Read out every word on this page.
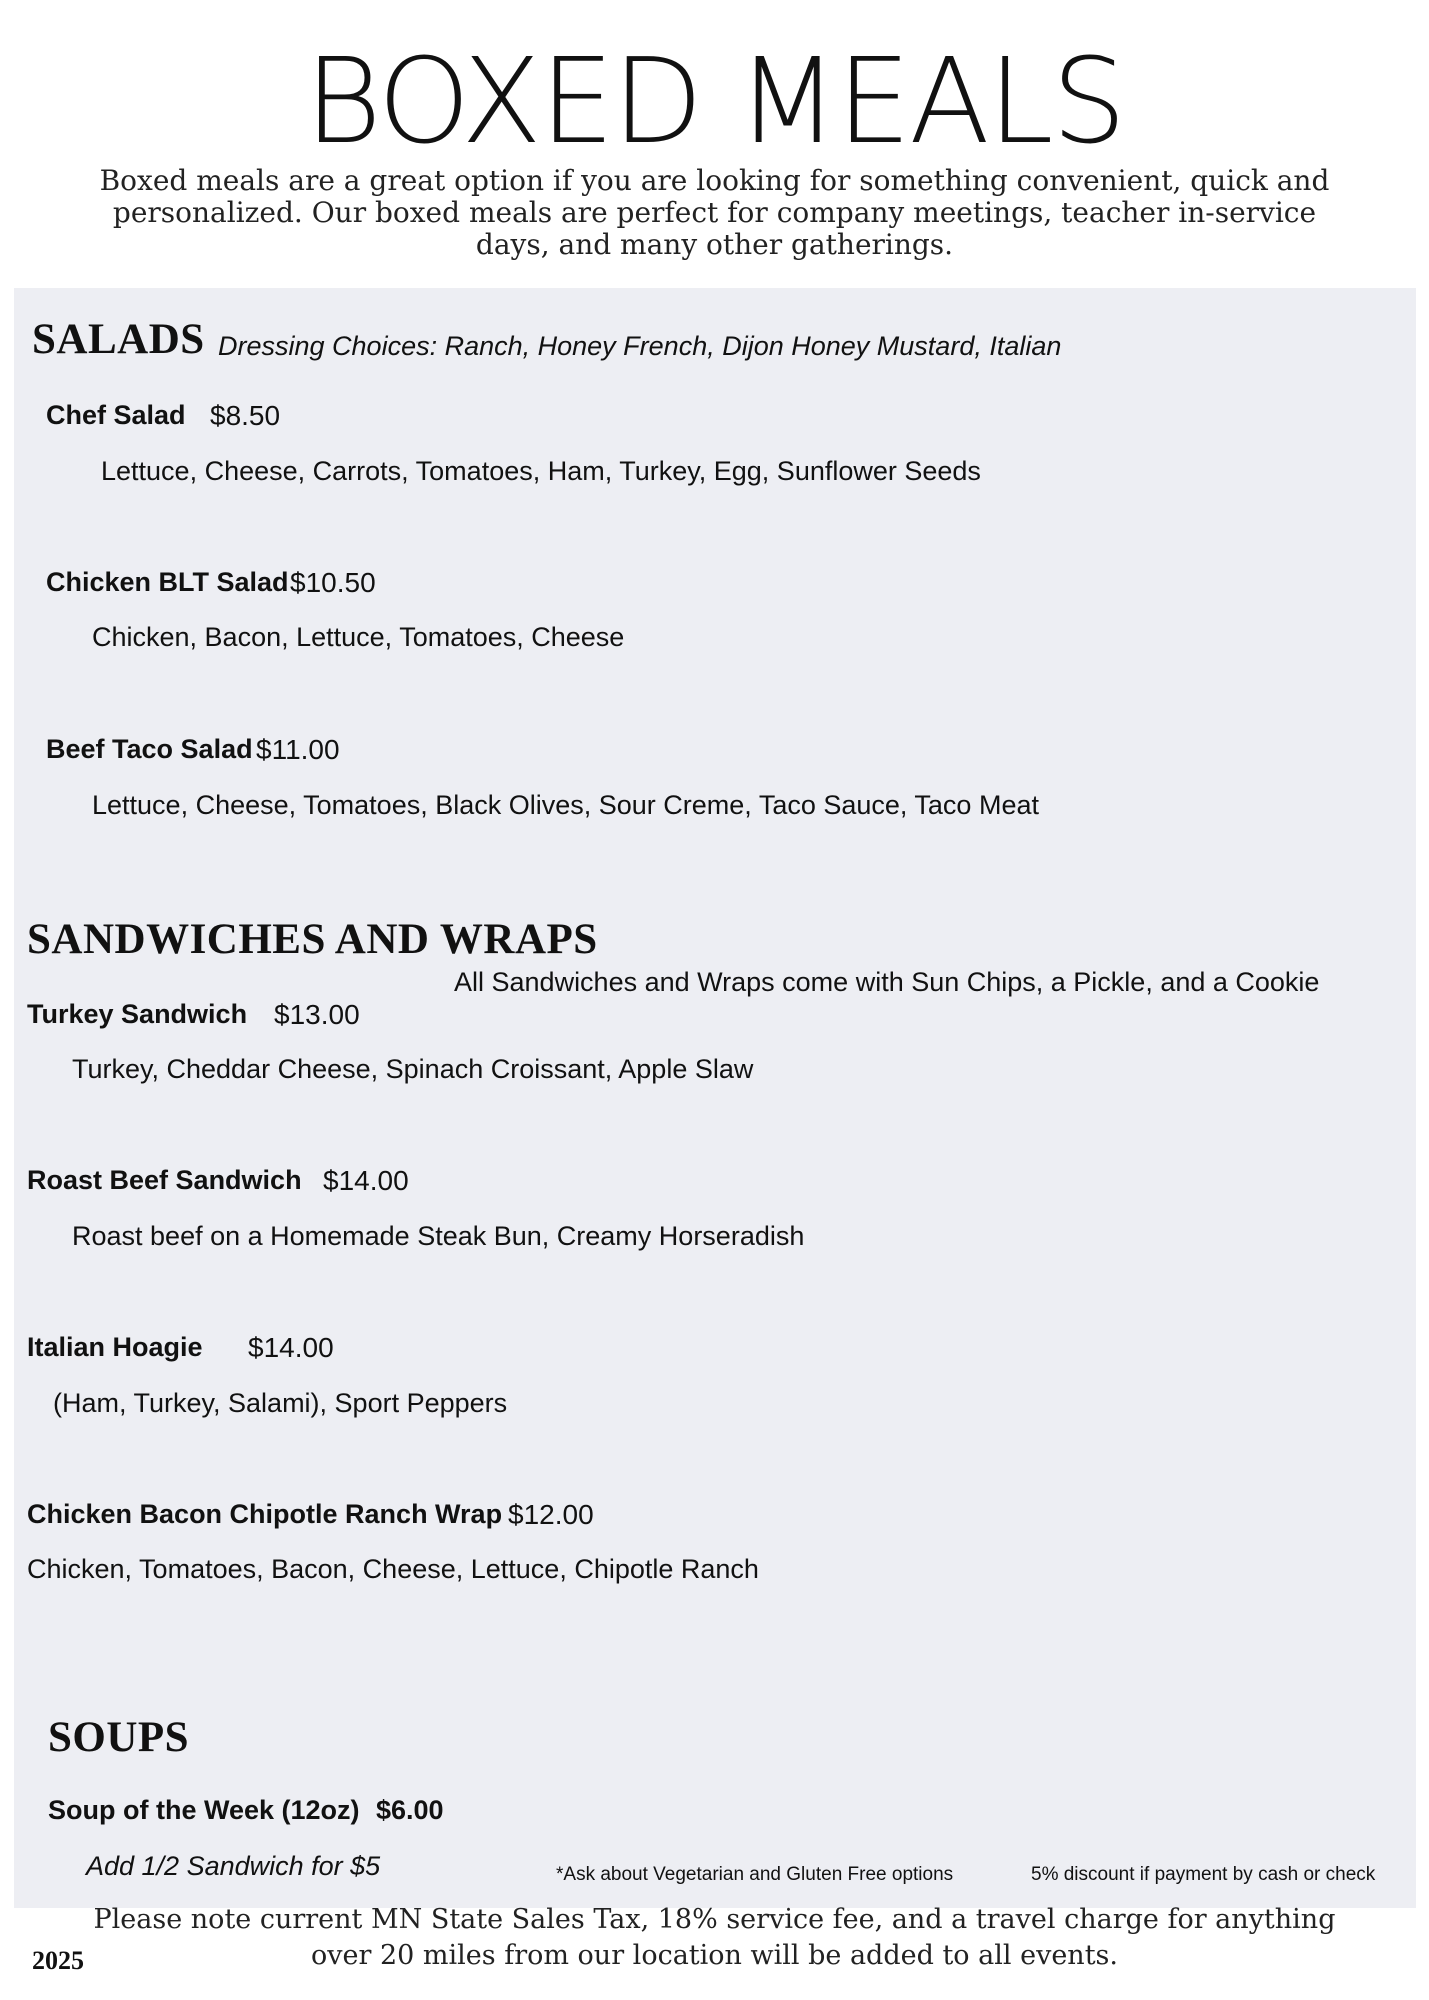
BOXED MEALS
Boxed meals are a great option if you are looking for something convenient, quick and
personalized. Our boxed meals are perfect for company meetings, teacher in-service
days, and many other gatherings.
SALADS Dressing Choices: Ranch, Honey French, Dijon Honey Mustard, Italian
Chef Salad $8.50
Lettuce, Cheese, Carrots, Tomatoes, Ham, Turkey, Egg, Sunflower Seeds
Chicken BLT Salad $10.50
Chicken, Bacon, Lettuce, Tomatoes, Cheese
Beef Taco Salad $11.00
Lettuce, Cheese, Tomatoes, Black Olives, Sour Creme, Taco Sauce, Taco Meat
SANDWICHES AND WRAPS
All Sandwiches and Wraps come with Sun Chips, a Pickle, and a Cookie
Turkey Sandwich $13.00
Turkey, Cheddar Cheese, Spinach Croissant, Apple Slaw
Roast Beef Sandwich $14.00
Roast beef on a Homemade Steak Bun, Creamy Horseradish
Italian Hoagie $14.00
(Ham, Turkey, Salami), Sport Peppers
Chicken Bacon Chipotle Ranch Wrap $12.00
Chicken, Tomatoes, Bacon, Cheese, Lettuce, Chipotle Ranch
SOUPS
Soup of the Week (12oz) $6.00
Add 1/2 Sandwich for $5	*Ask about Vegetarian and Gluten Free options	5% discount if payment by cash or check
Please note current MN State Sales Tax, 18% service fee, and a travel charge for anything
over 20 miles from our location will be added to all events.
2025
